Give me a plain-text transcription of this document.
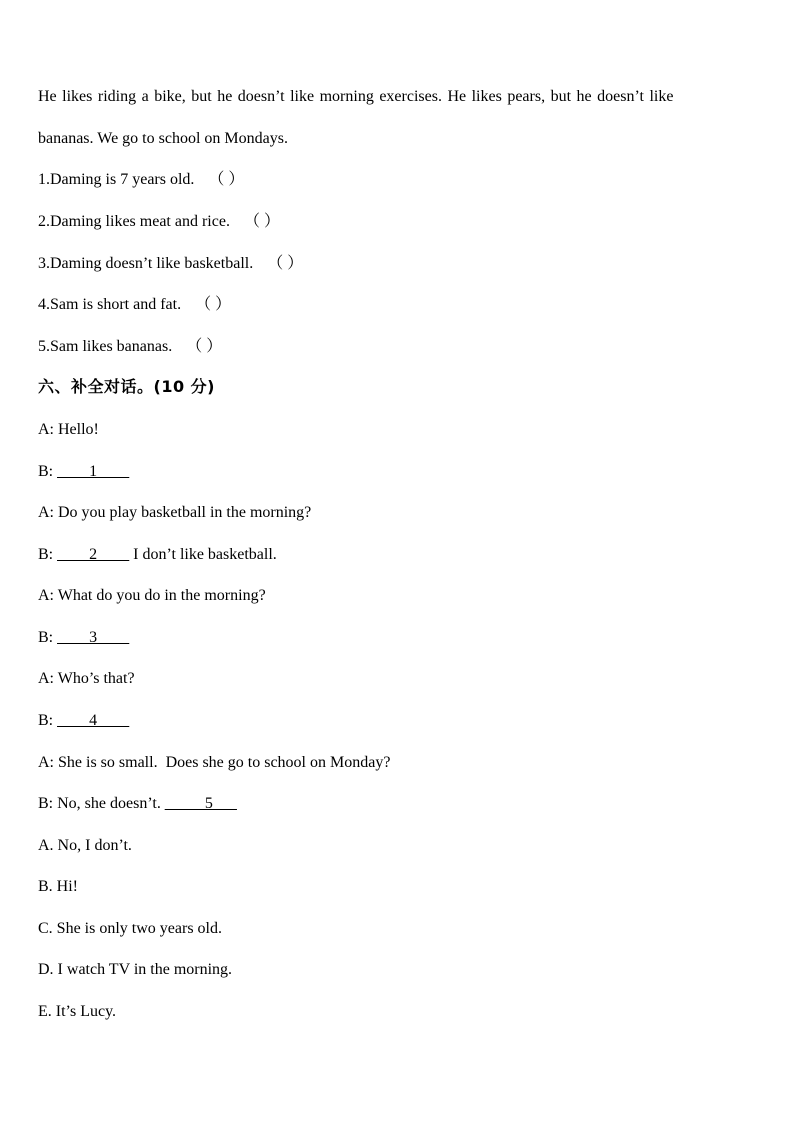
He likes riding a bike, but he doesn’t like morning exercises. He likes pears, but he doesn’t like
bananas. We go to school on Mondays.
1.Daming is 7 years old. （ ）
2.Daming likes meat and rice. （ ）
3.Daming doesn’t like basketball. （ ）
4.Sam is short and fat. （ ）
5.Sam likes bananas. （ ）
六、补全对话。(10 分)
A: Hello!
B: ____1____
A: Do you play basketball in the morning?
B: ____2____ I don’t like basketball.
A: What do you do in the morning?
B: ____3____
A: Who’s that?
B: ____4____
A: She is so small.  Does she go to school on Monday?
B: No, she doesn’t. _____5___
A. No, I don’t.
B. Hi!
C. She is only two years old.
D. I watch TV in the morning.
E. It’s Lucy.
